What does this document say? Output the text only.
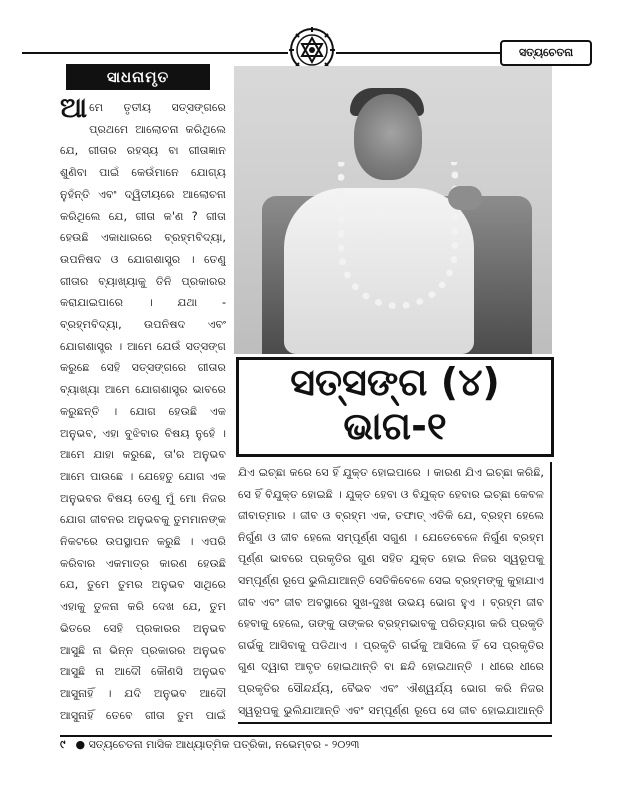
ସତ୍ୟଚେତନା
ସାଧନାମୃତ
ଆମେ ତୃତୀୟ ସତ୍ସଙ୍ଗରେ ପ୍ରଥମେ ଆଲୋଚନା କରିଥିଲେ ଯେ, ଗୀତାର ରହସ୍ୟ ବା ଗୀତାଜ୍ଞାନ ଶୁଣିବା ପାଇଁ କେଉଁମାନେ ଯୋଗ୍ୟ ନୁହଁନ୍ତି ଏବଂ ଦ୍ୱିତୀୟରେ ଆଲୋଚନା କରିଥିଲେ ଯେ, ଗୀତା କ'ଣ ? ଗୀତା ହେଉଛି ଏକାଧାରରେ ବ୍ରହ୍ମବିଦ୍ୟା, ଉପନିଷଦ ଓ ଯୋଗଶାସ୍ତ୍ର । ତେଣୁ ଗୀତାର ବ୍ୟାଖ୍ୟାକୁ ତିନି ପ୍ରକାରର କରାଯାଇପାରେ । ଯଥା - ବ୍ରହ୍ମବିଦ୍ୟା, ଉପନିଷଦ ଏବଂ ଯୋଗଶାସ୍ତ୍ର । ଆମେ ଯେଉଁ ସତ୍ସଙ୍ଗ କରୁଛେ ସେହି ସତ୍ସଙ୍ଗରେ ଗୀତାର ବ୍ୟାଖ୍ୟା ଆମେ ଯୋଗଶାସ୍ତ୍ର ଭାବରେ କରୁଛନ୍ତି । ଯୋଗ ହେଉଛି ଏକ ଅନୁଭବ, ଏହା ବୁଝିବାର ବିଷୟ ନୁହେଁ । ଆମେ ଯାହା କରୁଛେ, ତା'ର ଅନୁଭବ ଆମେ ପାଉଛେ । ଯେହେତୁ ଯୋଗ ଏକ ଅନୁଭବର ବିଷୟ ତେଣୁ ମୁଁ ମୋ ନିଜର ଯୋଗ ଜୀବନର ଅନୁଭବକୁ ତୁମମାନଙ୍କ ନିକଟରେ ଉପସ୍ଥାପନ କରୁଛି । ଏପରି କରିବାର ଏକମାତ୍ର କାରଣ ହେଉଛି ଯେ, ତୁମେ ତୁମର ଅନୁଭବ ସାଥିରେ ଏହାକୁ ତୁଳନା କରି ଦେଖ ଯେ, ତୁମ ଭିତରେ ସେହି ପ୍ରକାରର ଅନୁଭବ ଆସୁଛି ନା ଭିନ୍ନ ପ୍ରକାରର ଅନୁଭବ ଆସୁଛି ନା ଆଦୌ କୌଣସି ଅନୁଭବ ଆସୁନାହିଁ । ଯଦି ଅନୁଭବ ଆଦୌ ଆସୁନାହିଁ ତେବେ ଗୀତା ତୁମ ପାଇଁ
ସତ୍ସଙ୍ଗ (୪)
ଭାଗ-୧
ଯିଏ ଇଚ୍ଛା କରେ ସେ ହିଁ ଯୁକ୍ତ ହୋଇପାରେ । କାରଣ ଯିଏ ଇଚ୍ଛା କରିଛି, ସେ ହିଁ ବିଯୁକ୍ତ ହୋଇଛି । ଯୁକ୍ତ ହେବା ଓ ବିଯୁକ୍ତ ହେବାର ଇଚ୍ଛା କେବଳ ଜୀବାତ୍ମାର । ଜୀବ ଓ ବ୍ରହ୍ମ ଏକ, ତଫାତ୍ ଏତିକି ଯେ, ବ୍ରହ୍ମ ହେଲେ ନିର୍ଗୁଣ ଓ ଜୀବ ହେଲେ ସମ୍ପୂର୍ଣ୍ଣ ସଗୁଣ । ଯେତେବେଳେ ନିର୍ଗୁଣ ବ୍ରହ୍ମ ପୂର୍ଣ୍ଣ ଭାବରେ ପ୍ରକୃତିର ଗୁଣ ସହିତ ଯୁକ୍ତ ହୋଇ ନିଜର ସ୍ୱରୂପକୁ ସମ୍ପୂର୍ଣ୍ଣ ରୂପେ ଭୁଲିଯାଆନ୍ତି ସେତିକିବେଳେ ସେଇ ବ୍ରହ୍ମଙ୍କୁ କୁହାଯାଏ ଜୀବ ଏବଂ ଜୀବ ଅବସ୍ଥାରେ ସୁଖ-ଦୁଃଖ ଉଭୟ ଭୋଗ ହୁଏ । ବ୍ରହ୍ମ ଜୀବ ହେବାକୁ ହେଲେ, ତାଙ୍କୁ ତାଙ୍କର ବ୍ରହ୍ମଭାବକୁ ପରିତ୍ୟାଗ କରି ପ୍ରକୃତି ଗର୍ଭକୁ ଆସିବାକୁ ପଡିଥାଏ । ପ୍ରକୃତି ଗର୍ଭକୁ ଆସିଲେ ହିଁ ସେ ପ୍ରକୃତିର ଗୁଣ ଦ୍ୱାରା ଆବୃତ ହୋଇଥାନ୍ତି ବା ଛନ୍ଦି ହୋଇଥାନ୍ତି । ଧୀରେ ଧୀରେ ପ୍ରକୃତିର ସୌନ୍ଦର୍ଯ୍ୟ, ବୈଭବ ଏବଂ ଐଶ୍ୱର୍ଯ୍ୟ ଭୋଗ କରି ନିଜର ସ୍ୱରୂପକୁ ଭୁଲିଯାଆନ୍ତି ଏବଂ ସମ୍ପୂର୍ଣ୍ଣ ରୂପେ ସେ ଜୀବ ହୋଇଯାଆନ୍ତି
୯ ● ସତ୍ୟଚେତନା ମାସିକ ଆଧ୍ୟାତ୍ମିକ ପତ୍ରିକା, ନଭେମ୍ବର - ୨୦୨୩
